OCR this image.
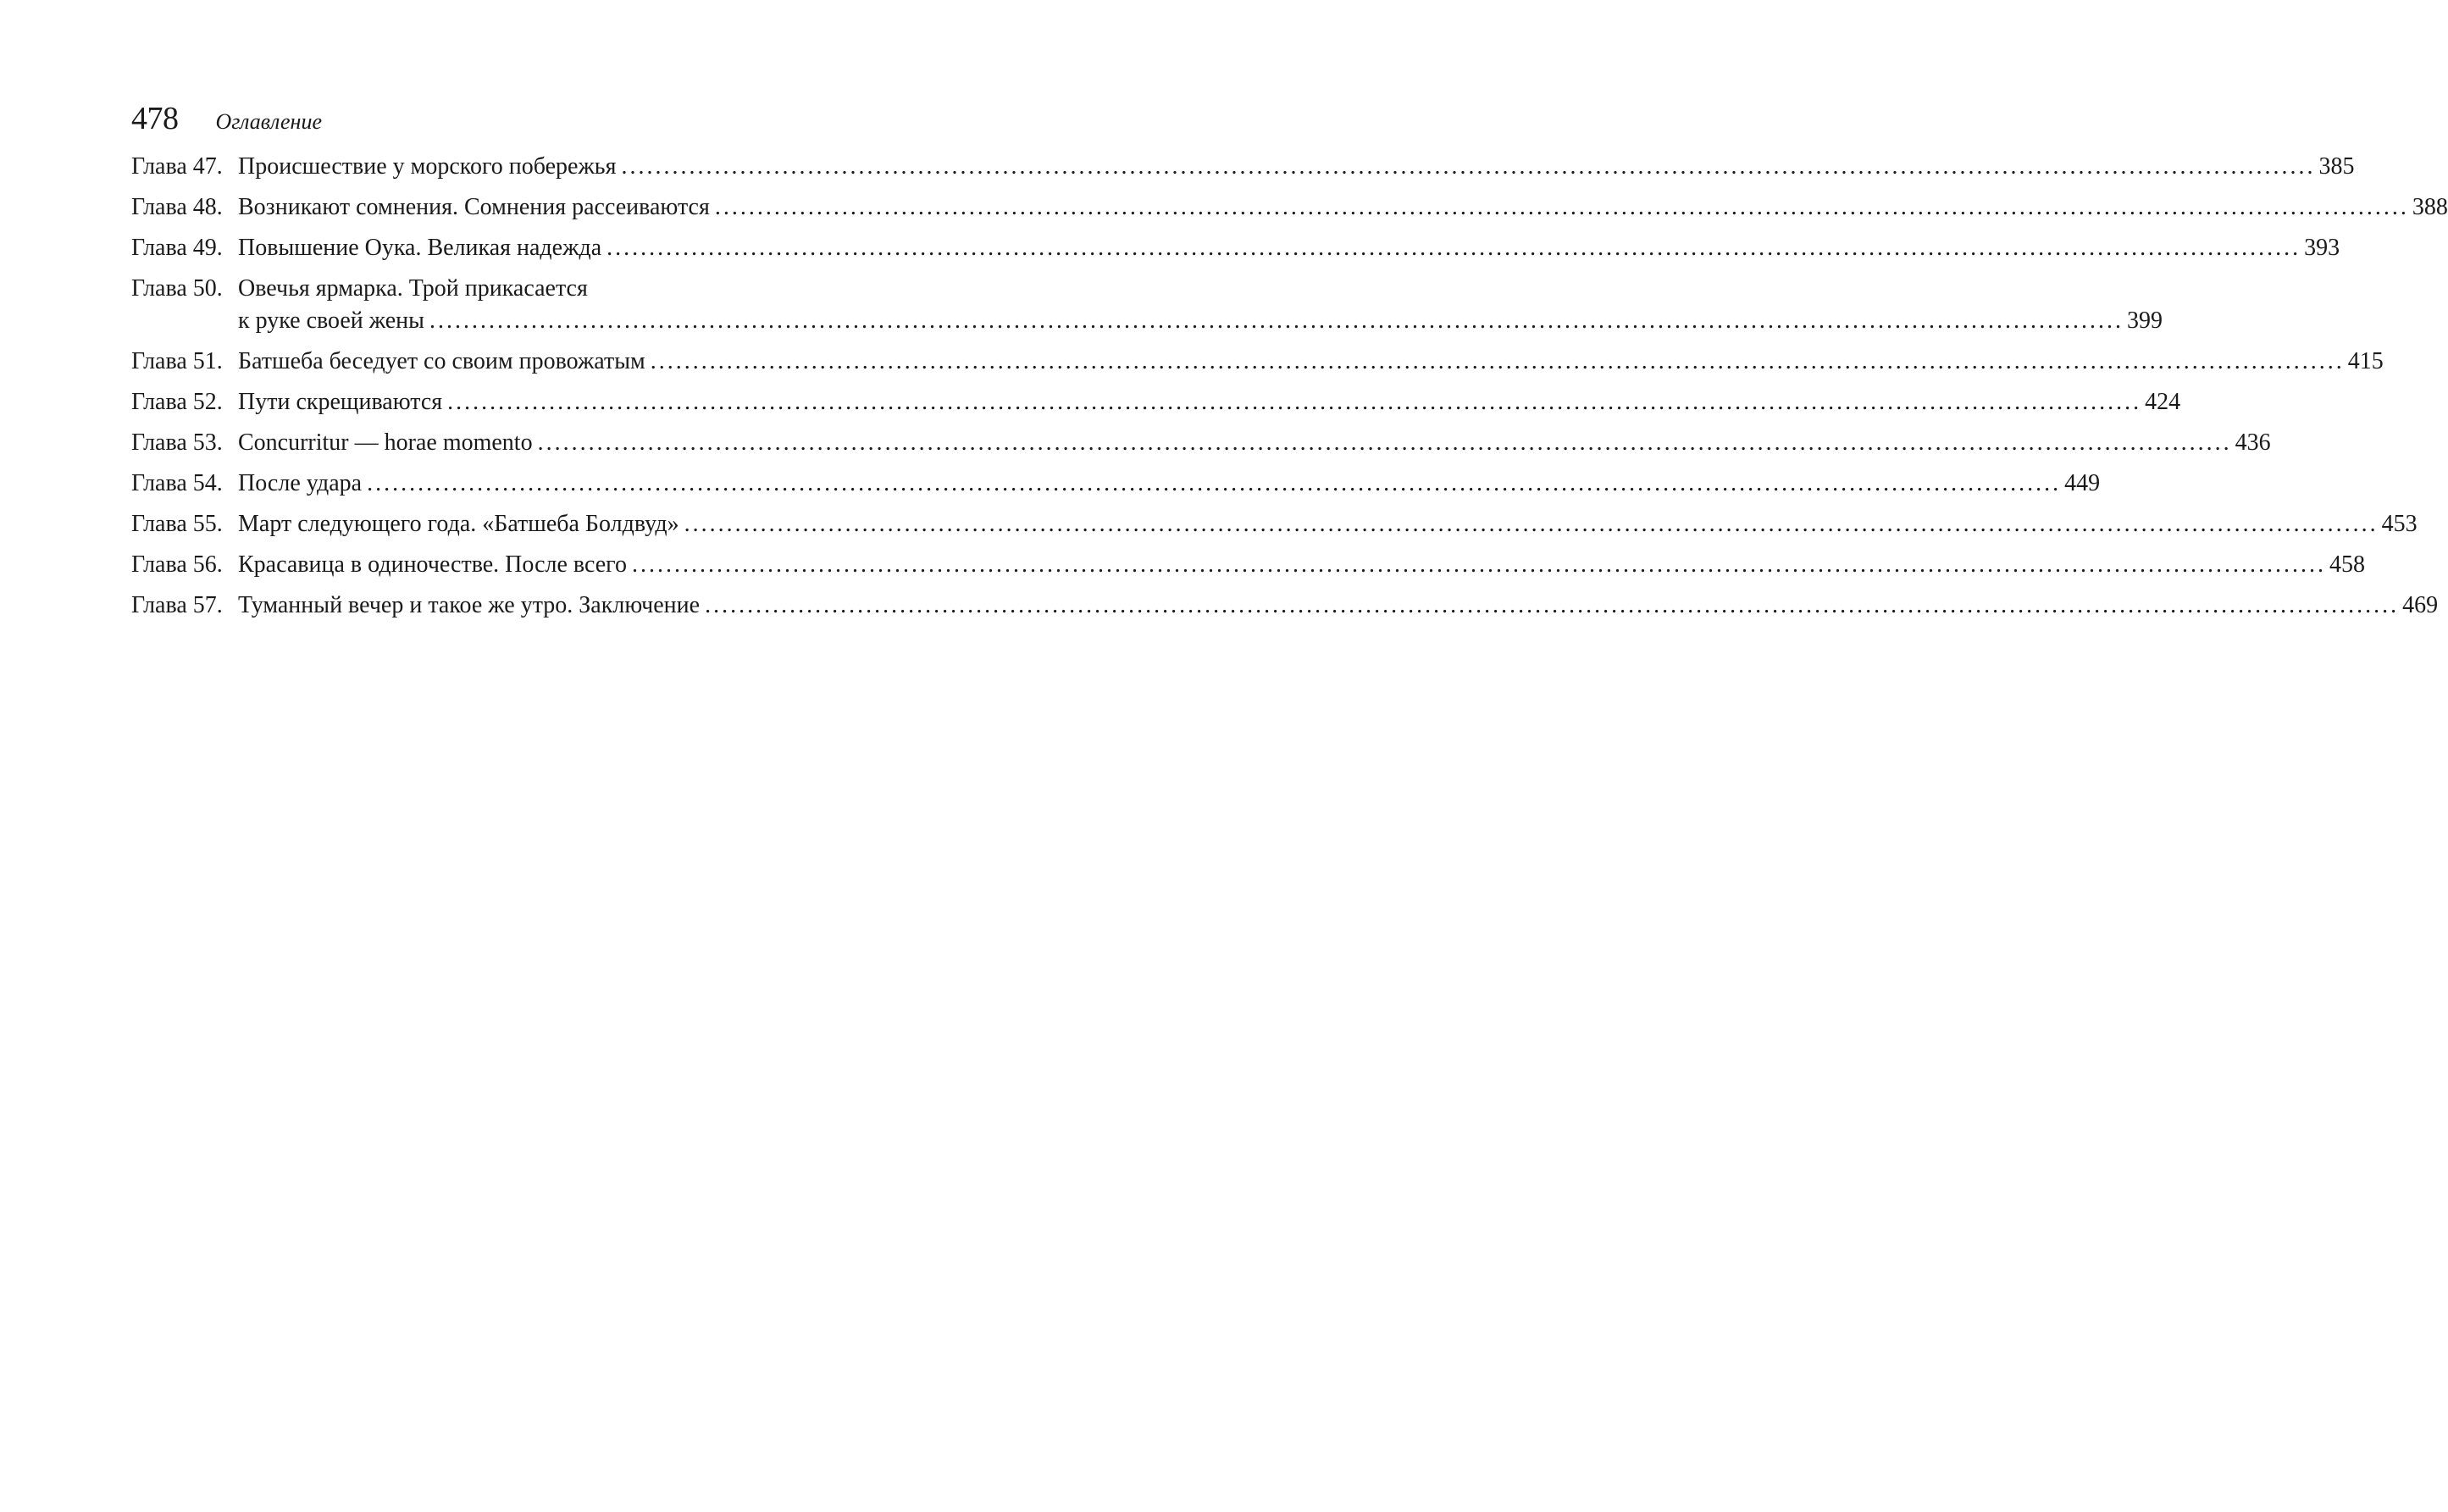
478 Оглавление
Глава 47. Происшествие у морского побережья ........................................................................................................................................................................................................ 385
Глава 48. Возникают сомнения. Сомнения рассеиваются ........................................................................................................................................................................................................ 388
Глава 49. Повышение Оука. Великая надежда ........................................................................................................................................................................................................ 393
Глава 50. Овечья ярмарка. Трой прикасается
к руке своей жены ........................................................................................................................................................................................................ 399
Глава 51. Батшеба беседует со своим провожатым ........................................................................................................................................................................................................ 415
Глава 52. Пути скрещиваются ........................................................................................................................................................................................................ 424
Глава 53. Concurritur — horae momento ........................................................................................................................................................................................................ 436
Глава 54. После удара ........................................................................................................................................................................................................ 449
Глава 55. Март следующего года. «Батшеба Болдвуд» ........................................................................................................................................................................................................ 453
Глава 56. Красавица в одиночестве. После всего ........................................................................................................................................................................................................ 458
Глава 57. Туманный вечер и такое же утро. Заключение ........................................................................................................................................................................................................ 469
